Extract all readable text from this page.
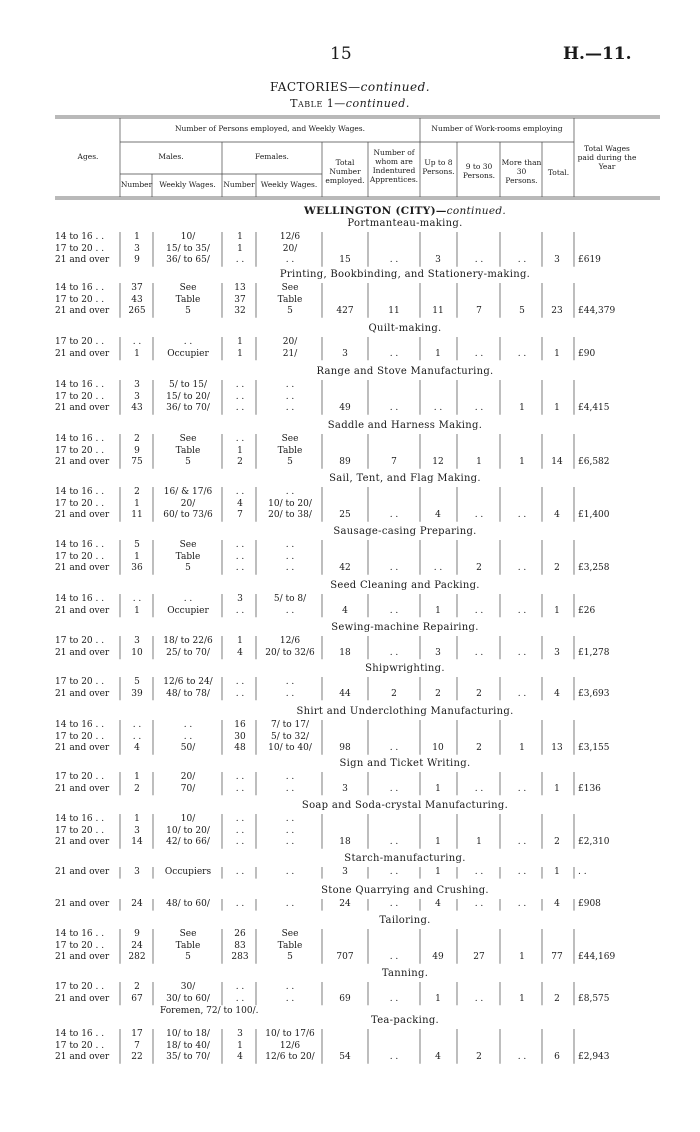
15	H.—11.
FACTORIES—continued.
Table 1—continued.
Ages.
Number of Persons employed, and Weekly Wages.	Number of Work-rooms employing
Males.	Females.
Number Weekly Wages.	Number Weekly Wages.
Total Number employed.
Number of whom are Indentured Apprentices.
Up to 8 Persons.
9 to 30 Persons.
More than 30 Persons.
Total.
Total Wages paid during the Year
WELLINGTON (CITY)—continued.
Portmanteau-making.
14 to 16 . .	1	10/	1	12/6
17 to 20 . .	3	15/ to 35/	1	20/
21 and over	9	36/ to 65/	. .	. .	15	. .	3	. .	. .	3	£619
Printing, Bookbinding, and Stationery-making.
14 to 16 . .	37	See	13	See
17 to 20 . .	43	Table	37	Table
21 and over	265	5	32	5	427	11	11	7	5	23	£44,379
Quilt-making.
17 to 20 . .	. .	. .	1	20/
21 and over	1	Occupier	1	21/	3	. .	1	. .	. .	1	£90
Range and Stove Manufacturing.
14 to 16 . .	3	5/ to 15/	. .	. .
17 to 20 . .	3	15/ to 20/	. .	. .
21 and over	43	36/ to 70/	. .	. .	49	. .	. .	. .	1	1	£4,415
Saddle and Harness Making.
14 to 16 . .	2	See	. .	See
17 to 20 . .	9	Table	1	Table
21 and over	75	5	2	5	89	7	12	1	1	14	£6,582
Sail, Tent, and Flag Making.
14 to 16 . .	2	16/ & 17/6	. .	. .
17 to 20 . .	1	20/	4	10/ to 20/
21 and over	11	60/ to 73/6	7	20/ to 38/	25	. .	4	. .	. .	4	£1,400
Sausage-casing Preparing.
14 to 16 . .	5	See	. .	. .
17 to 20 . .	1	Table	. .	. .
21 and over	36	5	. .	. .	42	. .	. .	2	. .	2	£3,258
Seed Cleaning and Packing.
14 to 16 . .	. .	. .	3	5/ to 8/
21 and over	1	Occupier	. .	. .	4	. .	1	. .	. .	1	£26
Sewing-machine Repairing.
17 to 20 . .	3	18/ to 22/6	1	12/6
21 and over	10	25/ to 70/	4	20/ to 32/6	18	. .	3	. .	. .	3	£1,278
Shipwrighting.
17 to 20 . .	5	12/6 to 24/	. .	. .
21 and over	39	48/ to 78/	. .	. .	44	2	2	2	. .	4	£3,693
Shirt and Underclothing Manufacturing.
14 to 16 . .	. .	. .	16	7/ to 17/
17 to 20 . .	. .	. .	30	5/ to 32/
21 and over	4	50/	48	10/ to 40/	98	. .	10	2	1	13	£3,155
Sign and Ticket Writing.
17 to 20 . .	1	20/	. .	. .
21 and over	2	70/	. .	. .	3	. .	1	. .	. .	1	£136
Soap and Soda-crystal Manufacturing.
14 to 16 . .	1	10/	. .	. .
17 to 20 . .	3	10/ to 20/	. .	. .
21 and over	14	42/ to 66/	. .	. .	18	. .	1	1	. .	2	£2,310
Starch-manufacturing.
21 and over	3	Occupiers	. .	. .	3	. .	1	. .	. .	1	. .
Stone Quarrying and Crushing.
21 and over	24	48/ to 60/	. .	. .	24	. .	4	. .	. .	4	£908
Tailoring.
14 to 16 . .	9	See	26	See
17 to 20 . .	24	Table	83	Table
21 and over	282	5	283	5	707	. .	49	27	1	77	£44,169
Tanning.
17 to 20 . .	2	30/	. .	. .
21 and over	67	30/ to 60/	. .	. .	69	. .	1	. .	1	2	£8,575
Foremen, 72/ to 100/.
Tea-packing.
14 to 16 . .	17	10/ to 18/	3	10/ to 17/6
17 to 20 . .	7	18/ to 40/	1	12/6
21 and over	22	35/ to 70/	4	12/6 to 20/	54	. .	4	2	. .	6	£2,943
